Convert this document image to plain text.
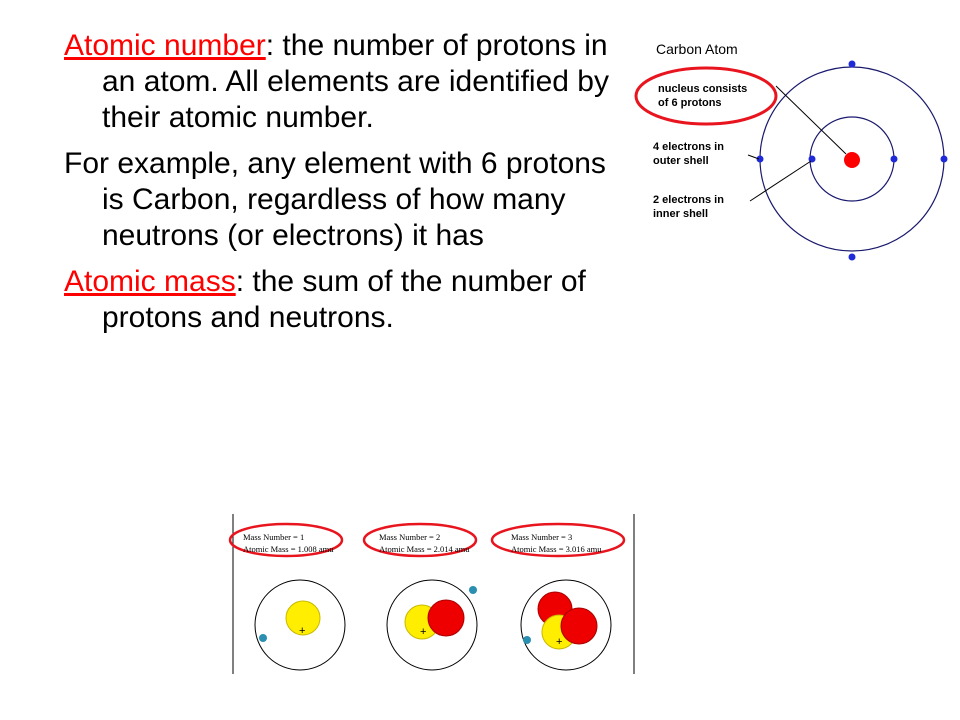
Atomic number: the number of protons in an atom. All elements are identified by their atomic number.

For example, any element with 6 protons is Carbon, regardless of how many neutrons (or electrons) it has

Atomic mass: the sum of the number of protons and neutrons.

Carbon Atom
nucleus consists
of 6 protons
4 electrons in
outer shell
2 electrons in
inner shell
Mass Number = 1
Atomic Mass = 1.008 amu
+
Mass Number = 2
Atomic Mass = 2.014 amu
+
Mass Number = 3
Atomic Mass = 3.016 amu
+
